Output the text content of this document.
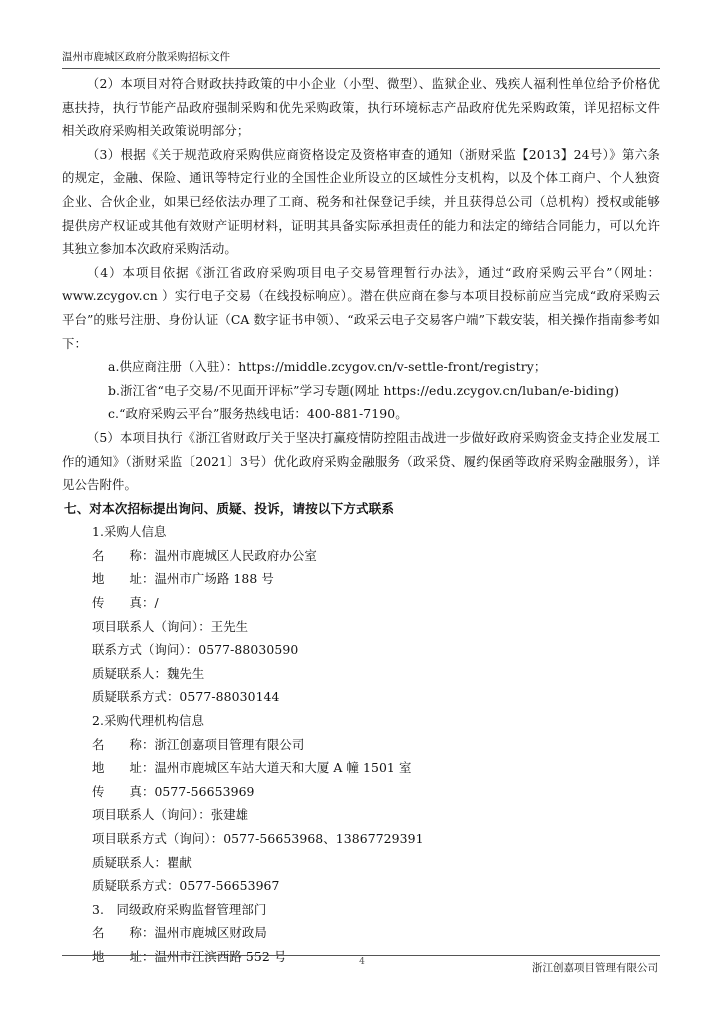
温州市鹿城区政府分散采购招标文件

（2）本项目对符合财政扶持政策的中小企业（小型、微型）、监狱企业、残疾人福利性单位给予价格优惠扶持，执行节能产品政府强制采购和优先采购政策，执行环境标志产品政府优先采购政策，详见招标文件相关政府采购相关政策说明部分；

（3）根据《关于规范政府采购供应商资格设定及资格审查的通知（浙财采监【2013】24号）》第六条的规定，金融、保险、通讯等特定行业的全国性企业所设立的区域性分支机构，以及个体工商户、个人独资企业、合伙企业，如果已经依法办理了工商、税务和社保登记手续，并且获得总公司（总机构）授权或能够提供房产权证或其他有效财产证明材料，证明其具备实际承担责任的能力和法定的缔结合同能力，可以允许其独立参加本次政府采购活动。

（4）本项目依据《浙江省政府采购项目电子交易管理暂行办法》，通过“政府采购云平台”（网址： www.zcygov.cn ）实行电子交易（在线投标响应）。潜在供应商在参与本项目投标前应当完成“政府采购云平台”的账号注册、身份认证（CA 数字证书申领）、“政采云电子交易客户端”下载安装，相关操作指南参考如下：

a.供应商注册（入驻）：https://middle.zcygov.cn/v-settle-front/registry；

b.浙江省“电子交易/不见面开评标”学习专题(网址 https://edu.zcygov.cn/luban/e-biding)

c.“政府采购云平台”服务热线电话：400-881-7190。

（5）本项目执行《浙江省财政厅关于坚决打赢疫情防控阻击战进一步做好政府采购资金支持企业发展工作的通知》（浙财采监〔2021〕3号）优化政府采购金融服务（政采贷、履约保函等政府采购金融服务），详见公告附件。

七、对本次招标提出询问、质疑、投诉，请按以下方式联系

1.采购人信息

名　　称：温州市鹿城区人民政府办公室

地　　址：温州市广场路 188 号

传　　真：/

项目联系人（询问）：王先生

联系方式（询问）：0577-88030590

质疑联系人：魏先生

质疑联系方式：0577-88030144

2.采购代理机构信息

名　　称：浙江创嘉项目管理有限公司

地　　址：温州市鹿城区车站大道天和大厦 A 幢 1501 室

传　　真：0577-56653969

项目联系人（询问）：张建雄

项目联系方式（询问）：0577-56653968、13867729391

质疑联系人：瞿献

质疑联系方式：0577-56653967

3.　同级政府采购监督管理部门

名　　称：温州市鹿城区财政局

地　　址：温州市江滨西路 552 号	4	浙江创嘉项目管理有限公司
